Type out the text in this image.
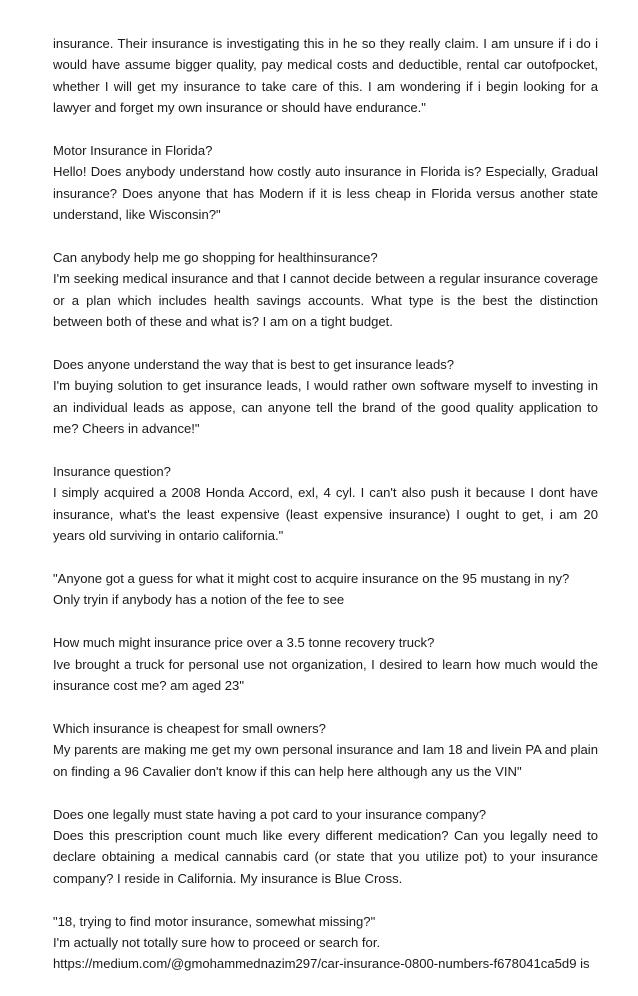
insurance. Their insurance is investigating this in he so they really claim. I am unsure if i do i would have assume bigger quality, pay medical costs and deductible, rental car outofpocket, whether I will get my insurance to take care of this. I am wondering if i begin looking for a lawyer and forget my own insurance or should have endurance."

Motor Insurance in Florida?

Hello! Does anybody understand how costly auto insurance in Florida is? Especially, Gradual insurance? Does anyone that has Modern if it is less cheap in Florida versus another state understand, like Wisconsin?"

Can anybody help me go shopping for healthinsurance?

I'm seeking medical insurance and that I cannot decide between a regular insurance coverage or a plan which includes health savings accounts. What type is the best the distinction between both of these and what is? I am on a tight budget.

Does anyone understand the way that is best to get insurance leads?

I'm buying solution to get insurance leads, I would rather own software myself to investing in an individual leads as appose, can anyone tell the brand of the good quality application to me? Cheers in advance!"

Insurance question?

I simply acquired a 2008 Honda Accord, exl, 4 cyl. I can't also push it because I dont have insurance, what's the least expensive (least expensive insurance) I ought to get, i am 20 years old surviving in ontario california."

"Anyone got a guess for what it might cost to acquire insurance on the 95 mustang in ny?

Only tryin if anybody has a notion of the fee to see

How much might insurance price over a 3.5 tonne recovery truck?

Ive brought a truck for personal use not organization, I desired to learn how much would the insurance cost me? am aged 23"

Which insurance is cheapest for small owners?

My parents are making me get my own personal insurance and Iam 18 and livein PA and plain on finding a 96 Cavalier don't know if this can help here although any us the VIN"

Does one legally must state having a pot card to your insurance company?

Does this prescription count much like every different medication? Can you legally need to declare obtaining a medical cannabis card (or state that you utilize pot) to your insurance company? I reside in California. My insurance is Blue Cross.

"18, trying to find motor insurance, somewhat missing?"

I'm actually not totally sure how to proceed or search for.

https://medium.com/@gmohammednazim297/car-insurance-0800-numbers-f678041ca5d9 is
